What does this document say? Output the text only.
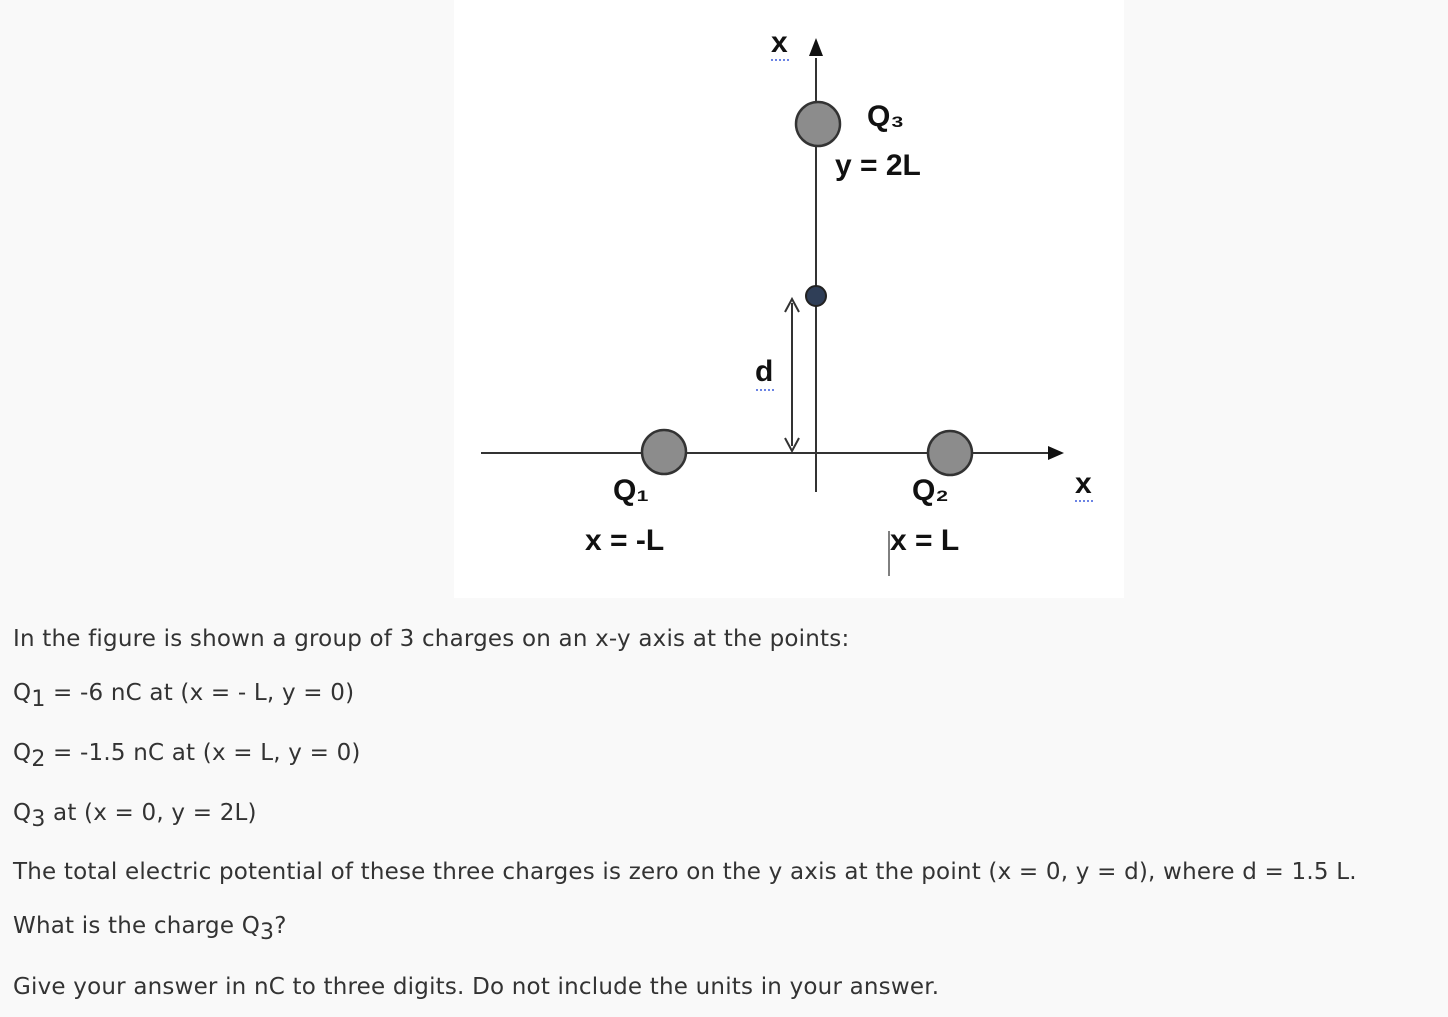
x
Q₃
y = 2L
d
Q₁
x = -L
Q₂
x = L
x

In the figure is shown a group of 3 charges on an x-y axis at the points:

Q1 = -6 nC at (x = - L, y = 0)

Q2 = -1.5 nC at (x = L, y = 0)

Q3 at (x = 0, y = 2L)

The total electric potential of these three charges is zero on the y axis at the point (x = 0, y = d), where d = 1.5 L.

What is the charge Q3?

Give your answer in nC to three digits. Do not include the units in your answer.
